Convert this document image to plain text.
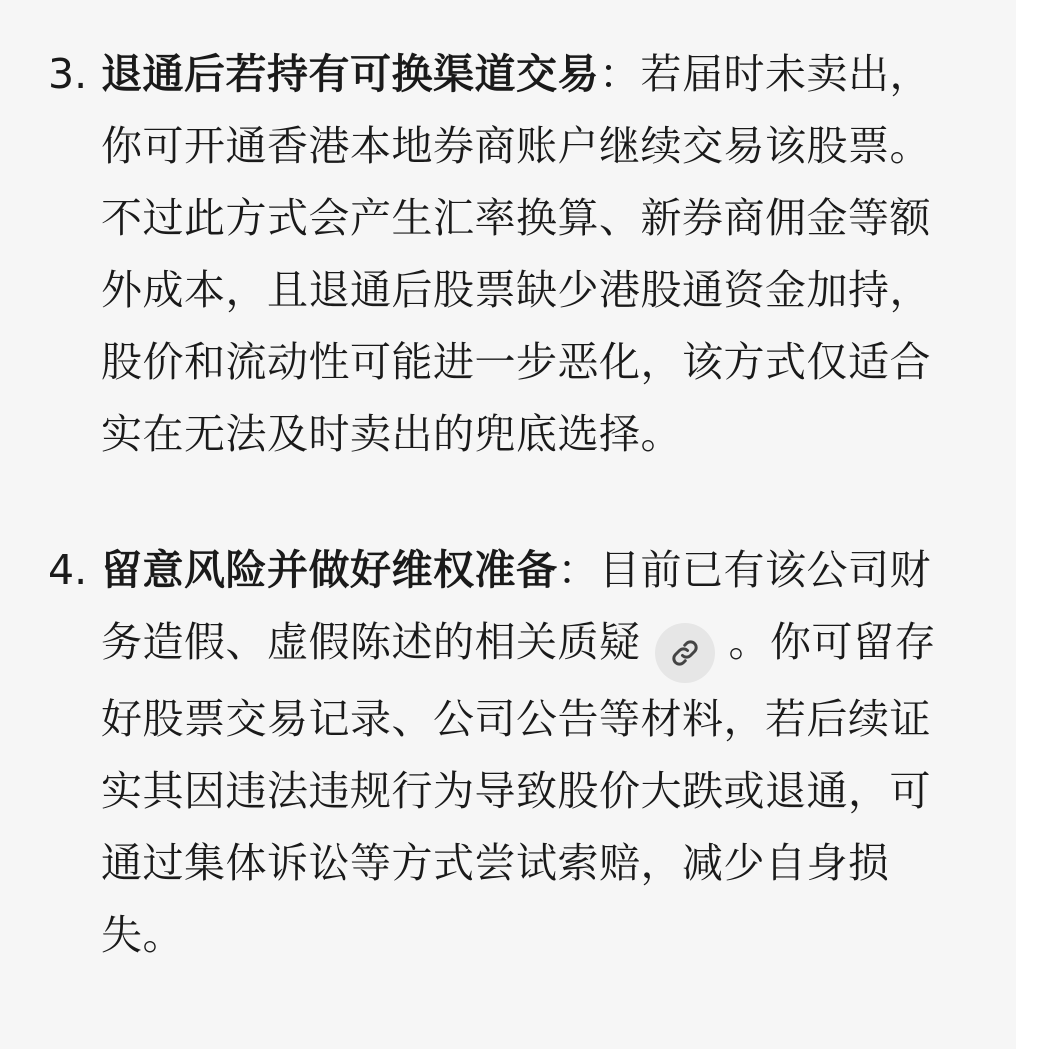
3. 退通后若持有可换渠道交易：若届时未卖出，你可开通香港本地券商账户继续交易该股票。不过此方式会产生汇率换算、新券商佣金等额外成本，且退通后股票缺少港股通资金加持，股价和流动性可能进一步恶化，该方式仅适合实在无法及时卖出的兜底选择。
4. 留意风险并做好维权准备：目前已有该公司财务造假、虚假陈述的相关质疑 。你可留存好股票交易记录、公司公告等材料，若后续证实其因违法违规行为导致股价大跌或退通，可通过集体诉讼等方式尝试索赔，减少自身损失。
